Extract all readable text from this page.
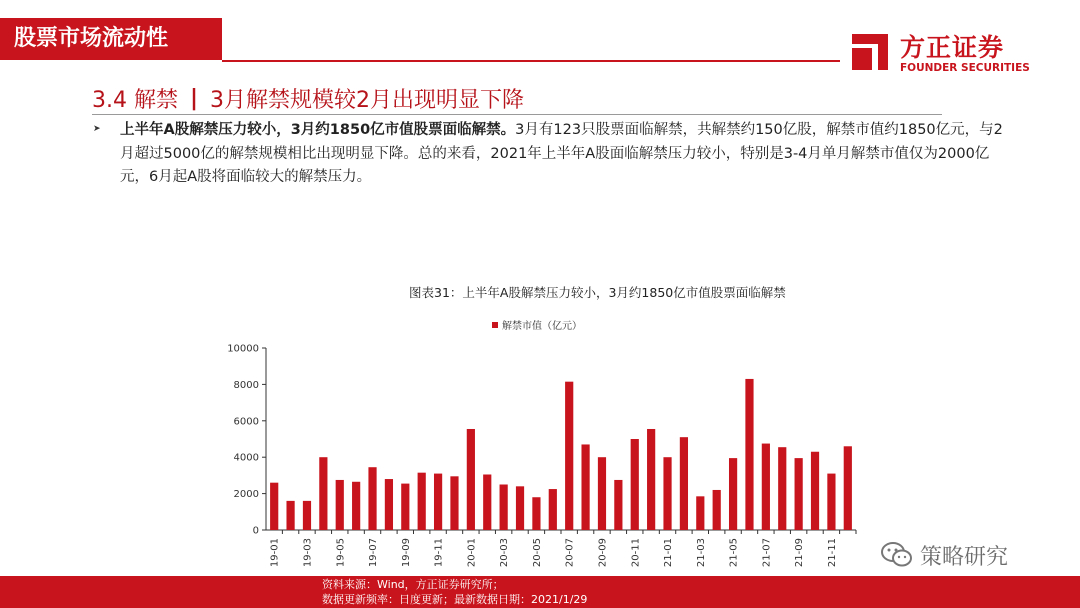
股票市场流动性	方正证券
FOUNDER SECURITIES
3.4 解禁 | 3月解禁规模较2月出现明显下降
➤ 上半年A股解禁压力较小，3月约1850亿市值股票面临解禁。3月有123只股票面临解禁，共解禁约150亿股，解禁市值约1850亿元，与2月超过5000亿的解禁规模相比出现明显下降。总的来看，2021年上半年A股面临解禁压力较小，特别是3-4月单月解禁市值仅为2000亿元，6月起A股将面临较大的解禁压力。
图表31：上半年A股解禁压力较小，3月约1850亿市值股票面临解禁
解禁市值（亿元）
0
2000
4000
6000
8000
10000
19-01 19-03 19-05 19-07 19-09 19-11 20-01 20-03 20-05 20-07 20-09 20-11 21-01 21-03 21-05 21-07 21-09 21-11	策略研究
资料来源：Wind，方正证券研究所；
数据更新频率：日度更新；最新数据日期：2021/1/29
